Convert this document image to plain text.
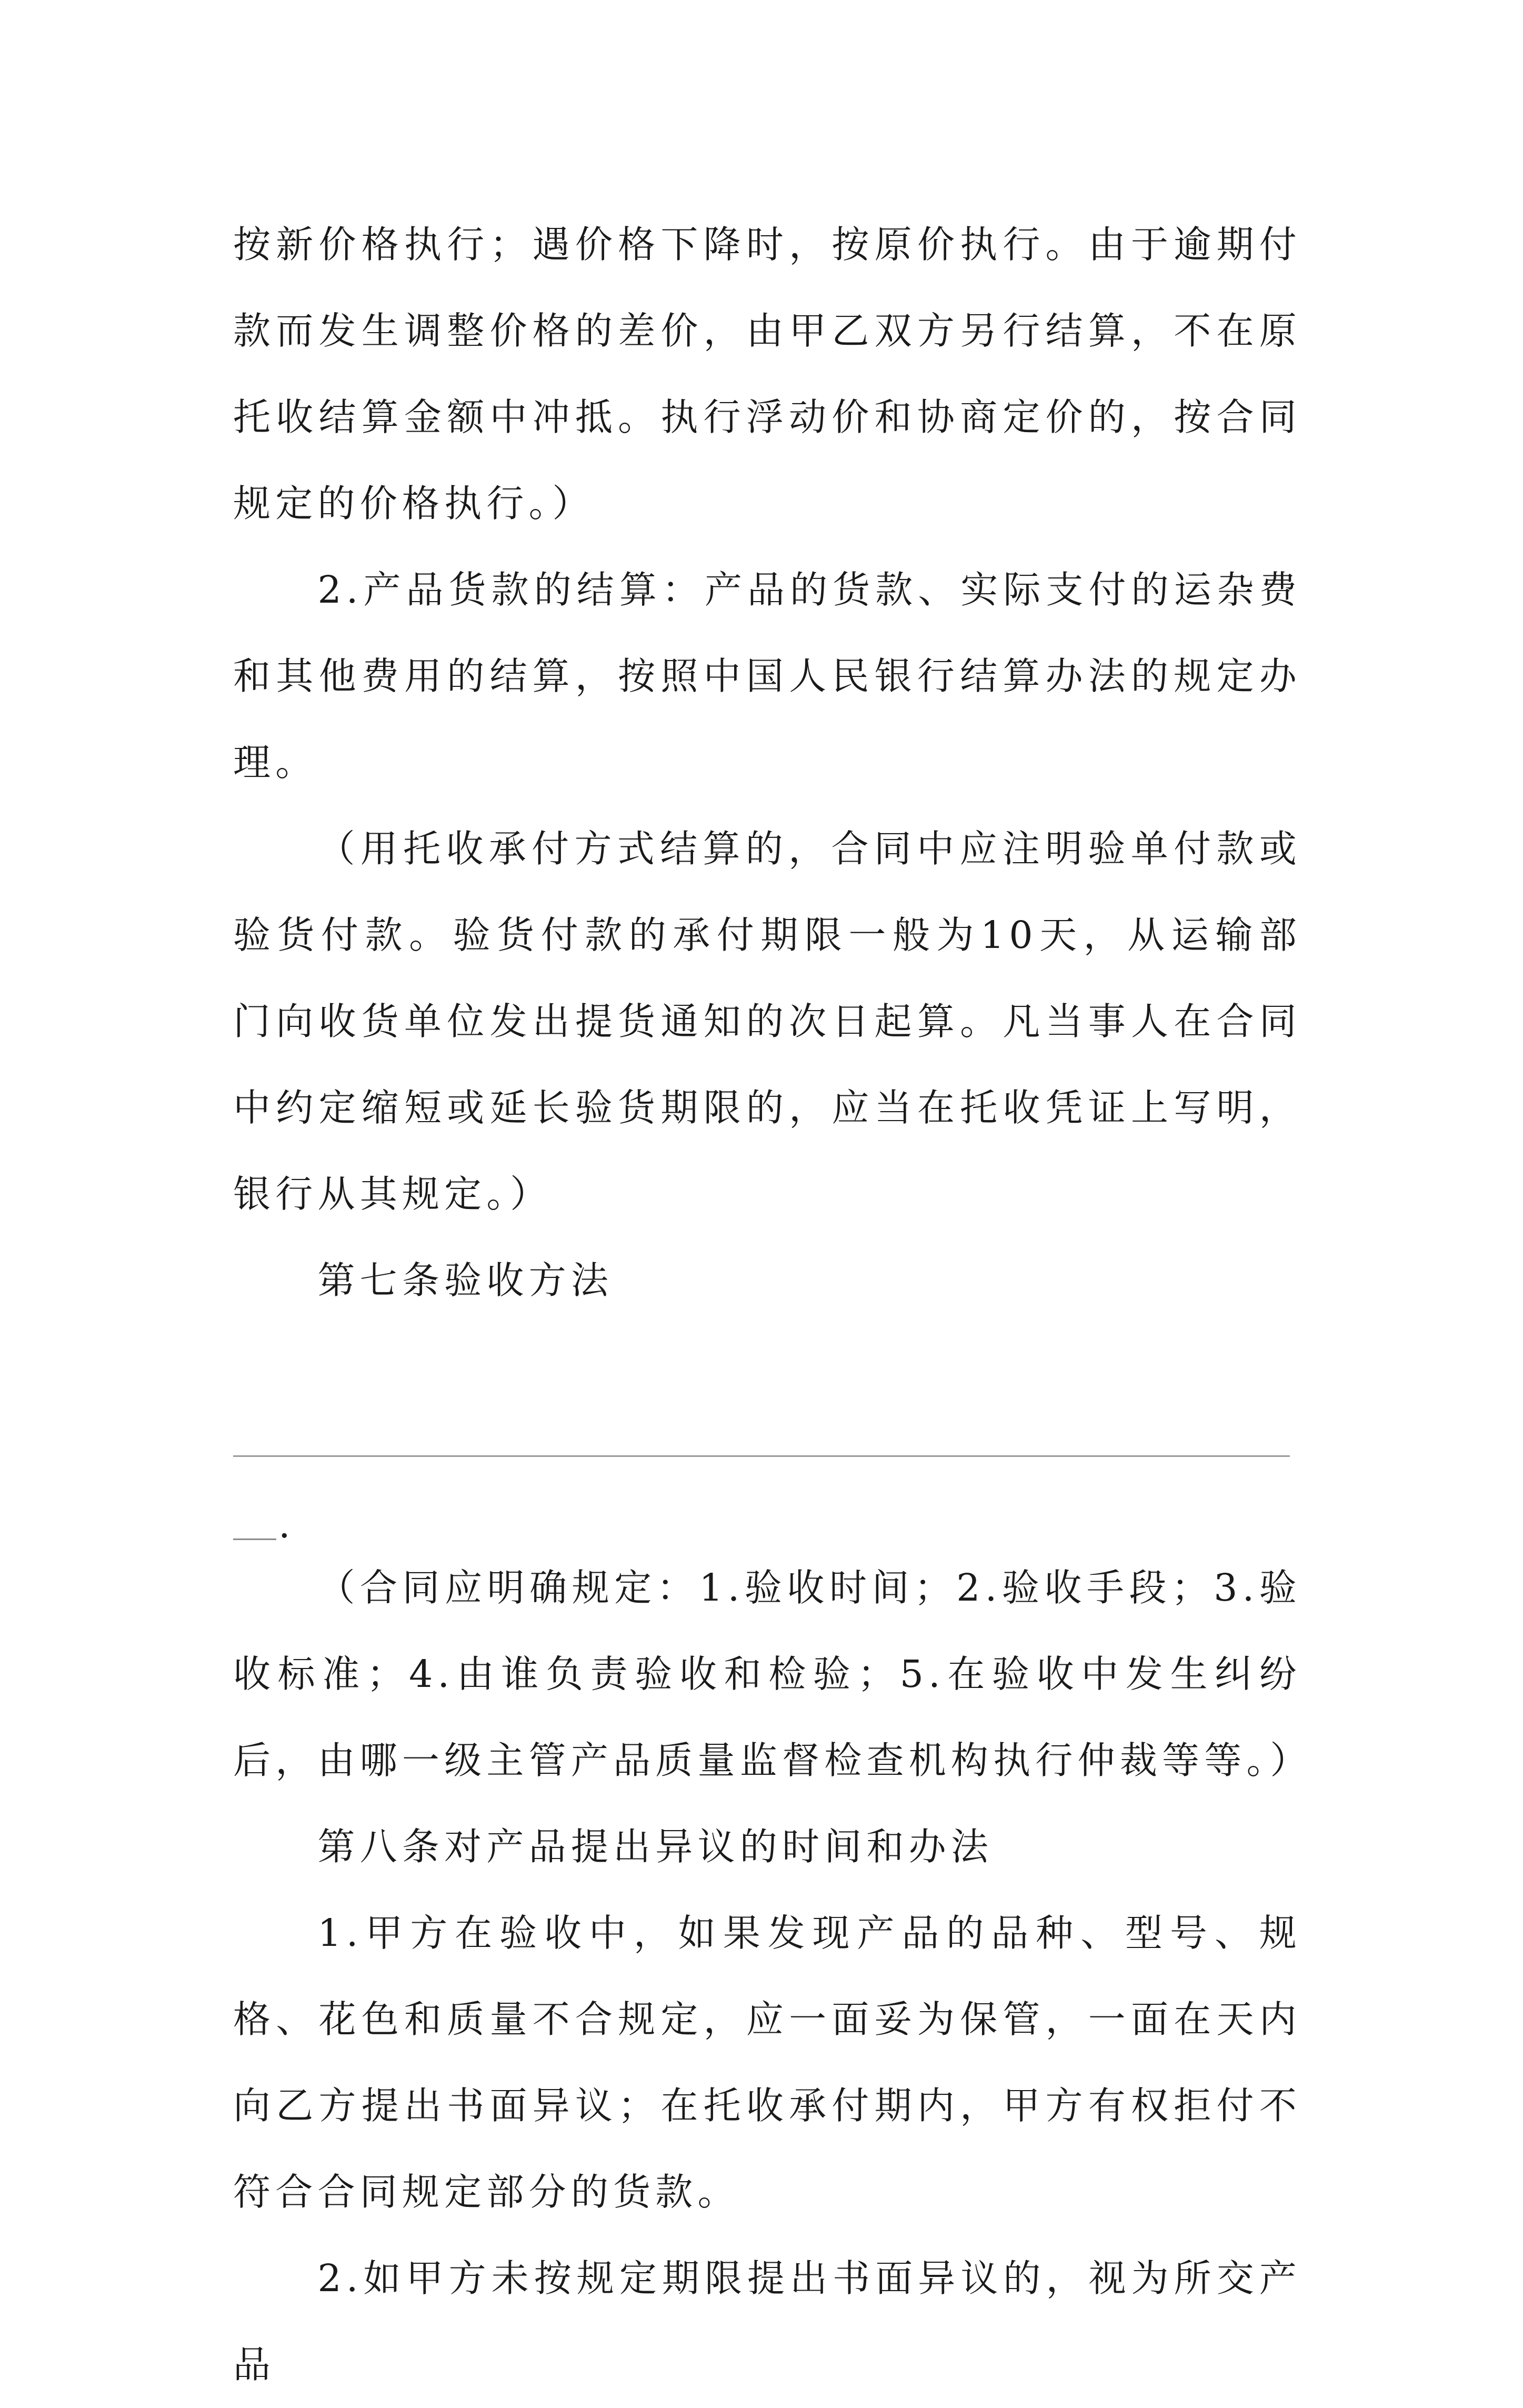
按新价格执行；遇价格下降时，按原价执行。由于逾期付款而发生调整价格的差价，由甲乙双方另行结算，不在原托收结算金额中冲抵。执行浮动价和协商定价的，按合同规定的价格执行。）

2.产品货款的结算：产品的货款、实际支付的运杂费和其他费用的结算，按照中国人民银行结算办法的规定办理。

（用托收承付方式结算的，合同中应注明验单付款或验货付款。验货付款的承付期限一般为10天，从运输部门向收货单位发出提货通知的次日起算。凡当事人在合同中约定缩短或延长验货期限的，应当在托收凭证上写明，银行从其规定。）

第七条验收方法

.

（合同应明确规定：1.验收时间；2.验收手段；3.验收标准；4.由谁负责验收和检验；5.在验收中发生纠纷后，由哪一级主管产品质量监督检查机构执行仲裁等等。）

第八条对产品提出异议的时间和办法

1.甲方在验收中，如果发现产品的品种、型号、规格、花色和质量不合规定，应一面妥为保管，一面在天内向乙方提出书面异议；在托收承付期内，甲方有权拒付不符合合同规定部分的货款。

2.如甲方未按规定期限提出书面异议的，视为所交产品
